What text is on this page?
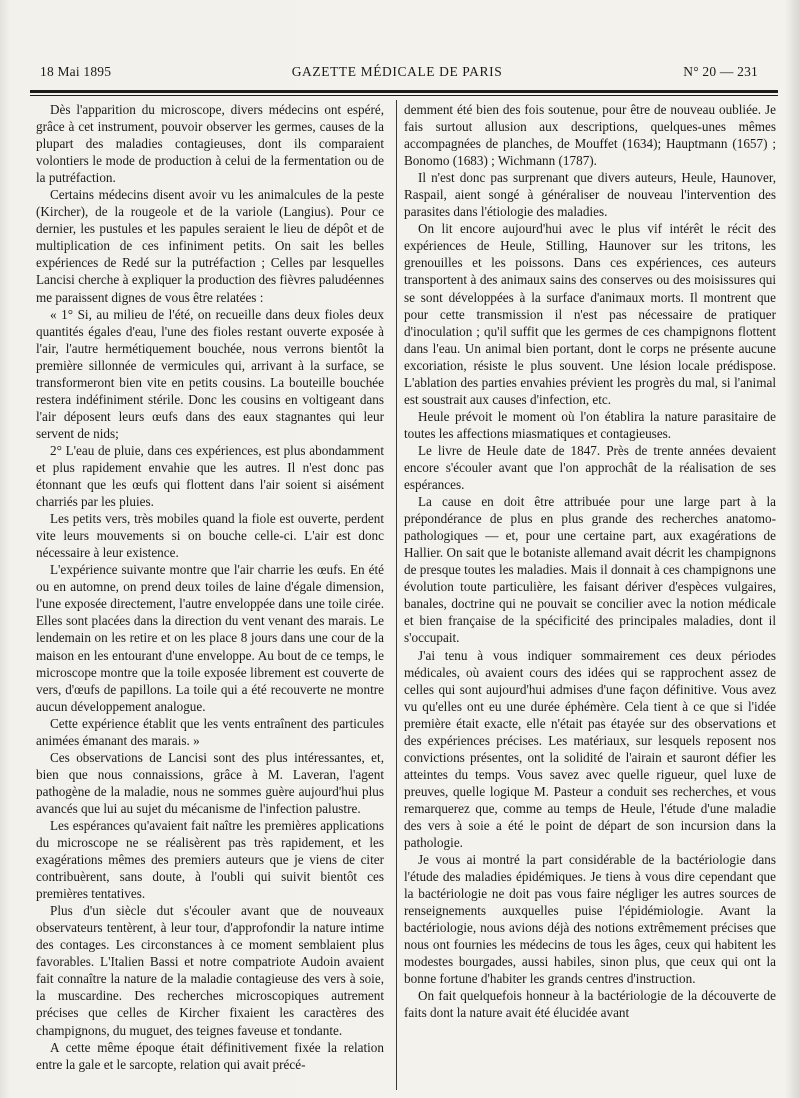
18 Mai 1895	GAZETTE MÉDICALE DE PARIS	N° 20 — 231

Dès l'apparition du microscope, divers médecins ont espéré, grâce à cet instrument, pouvoir observer les germes, causes de la plupart des maladies contagieuses, dont ils comparaient volontiers le mode de production à celui de la fermentation ou de la putréfaction.

Certains médecins disent avoir vu les animalcules de la peste (Kircher), de la rougeole et de la variole (Langius). Pour ce dernier, les pustules et les papules seraient le lieu de dépôt et de multiplication de ces infiniment petits. On sait les belles expériences de Redé sur la putréfaction ; Celles par lesquelles Lancisi cherche à expliquer la production des fièvres paludéennes me paraissent dignes de vous être relatées :

« 1° Si, au milieu de l'été, on recueille dans deux fioles deux quantités égales d'eau, l'une des fioles restant ouverte exposée à l'air, l'autre hermétiquement bouchée, nous verrons bientôt la première sillonnée de vermicules qui, arrivant à la surface, se transformeront bien vite en petits cousins. La bouteille bouchée restera indéfiniment stérile. Donc les cousins en voltigeant dans l'air déposent leurs œufs dans des eaux stagnantes qui leur servent de nids;

2° L'eau de pluie, dans ces expériences, est plus abondamment et plus rapidement envahie que les autres. Il n'est donc pas étonnant que les œufs qui flottent dans l'air soient si aisément charriés par les pluies.

Les petits vers, très mobiles quand la fiole est ouverte, perdent vite leurs mouvements si on bouche celle-ci. L'air est donc nécessaire à leur existence.

L'expérience suivante montre que l'air charrie les œufs. En été ou en automne, on prend deux toiles de laine d'égale dimension, l'une exposée directement, l'autre enveloppée dans une toile cirée. Elles sont placées dans la direction du vent venant des marais. Le lendemain on les retire et on les place 8 jours dans une cour de la maison en les entourant d'une enveloppe. Au bout de ce temps, le microscope montre que la toile exposée librement est couverte de vers, d'œufs de papillons. La toile qui a été recouverte ne montre aucun développement analogue.

Cette expérience établit que les vents entraînent des particules animées émanant des marais. »

Ces observations de Lancisi sont des plus intéressantes, et, bien que nous connaissions, grâce à M. Laveran, l'agent pathogène de la maladie, nous ne sommes guère aujourd'hui plus avancés que lui au sujet du mécanisme de l'infection palustre.

Les espérances qu'avaient fait naître les premières applications du microscope ne se réalisèrent pas très rapidement, et les exagérations mêmes des premiers auteurs que je viens de citer contribuèrent, sans doute, à l'oubli qui suivit bientôt ces premières tentatives.

Plus d'un siècle dut s'écouler avant que de nouveaux observateurs tentèrent, à leur tour, d'approfondir la nature intime des contages. Les circonstances à ce moment semblaient plus favorables. L'Italien Bassi et notre compatriote Audoin avaient fait connaître la nature de la maladie contagieuse des vers à soie, la muscardine. Des recherches microscopiques autrement précises que celles de Kircher fixaient les caractères des champignons, du muguet, des teignes faveuse et tondante.

A cette même époque était définitivement fixée la relation entre la gale et le sarcopte, relation qui avait précé-

demment été bien des fois soutenue, pour être de nouveau oubliée. Je fais surtout allusion aux descriptions, quelques-unes mêmes accompagnées de planches, de Mouffet (1634); Hauptmann (1657) ; Bonomo (1683) ; Wichmann (1787).

Il n'est donc pas surprenant que divers auteurs, Heule, Haunover, Raspail, aient songé à généraliser de nouveau l'intervention des parasites dans l'étiologie des maladies.

On lit encore aujourd'hui avec le plus vif intérêt le récit des expériences de Heule, Stilling, Haunover sur les tritons, les grenouilles et les poissons. Dans ces expériences, ces auteurs transportent à des animaux sains des conserves ou des moisissures qui se sont développées à la surface d'animaux morts. Il montrent que pour cette transmission il n'est pas nécessaire de pratiquer d'inoculation ; qu'il suffit que les germes de ces champignons flottent dans l'eau. Un animal bien portant, dont le corps ne présente aucune excoriation, résiste le plus souvent. Une lésion locale prédispose. L'ablation des parties envahies prévient les progrès du mal, si l'animal est soustrait aux causes d'infection, etc.

Heule prévoit le moment où l'on établira la nature parasitaire de toutes les affections miasmatiques et contagieuses.

Le livre de Heule date de 1847. Près de trente années devaient encore s'écouler avant que l'on approchât de la réalisation de ses espérances.

La cause en doit être attribuée pour une large part à la prépondérance de plus en plus grande des recherches anatomo-pathologiques — et, pour une certaine part, aux exagérations de Hallier. On sait que le botaniste allemand avait décrit les champignons de presque toutes les maladies. Mais il donnait à ces champignons une évolution toute particulière, les faisant dériver d'espèces vulgaires, banales, doctrine qui ne pouvait se concilier avec la notion médicale et bien française de la spécificité des principales maladies, dont il s'occupait.

J'ai tenu à vous indiquer sommairement ces deux périodes médicales, où avaient cours des idées qui se rapprochent assez de celles qui sont aujourd'hui admises d'une façon définitive. Vous avez vu qu'elles ont eu une durée éphémère. Cela tient à ce que si l'idée première était exacte, elle n'était pas étayée sur des observations et des expériences précises. Les matériaux, sur lesquels reposent nos convictions présentes, ont la solidité de l'airain et sauront défier les atteintes du temps. Vous savez avec quelle rigueur, quel luxe de preuves, quelle logique M. Pasteur a conduit ses recherches, et vous remarquerez que, comme au temps de Heule, l'étude d'une maladie des vers à soie a été le point de départ de son incursion dans la pathologie.

Je vous ai montré la part considérable de la bactériologie dans l'étude des maladies épidémiques. Je tiens à vous dire cependant que la bactériologie ne doit pas vous faire négliger les autres sources de renseignements auxquelles puise l'épidémiologie. Avant la bactériologie, nous avions déjà des notions extrêmement précises que nous ont fournies les médecins de tous les âges, ceux qui habitent les modestes bourgades, aussi habiles, sinon plus, que ceux qui ont la bonne fortune d'habiter les grands centres d'instruction.

On fait quelquefois honneur à la bactériologie de la découverte de faits dont la nature avait été élucidée avant
